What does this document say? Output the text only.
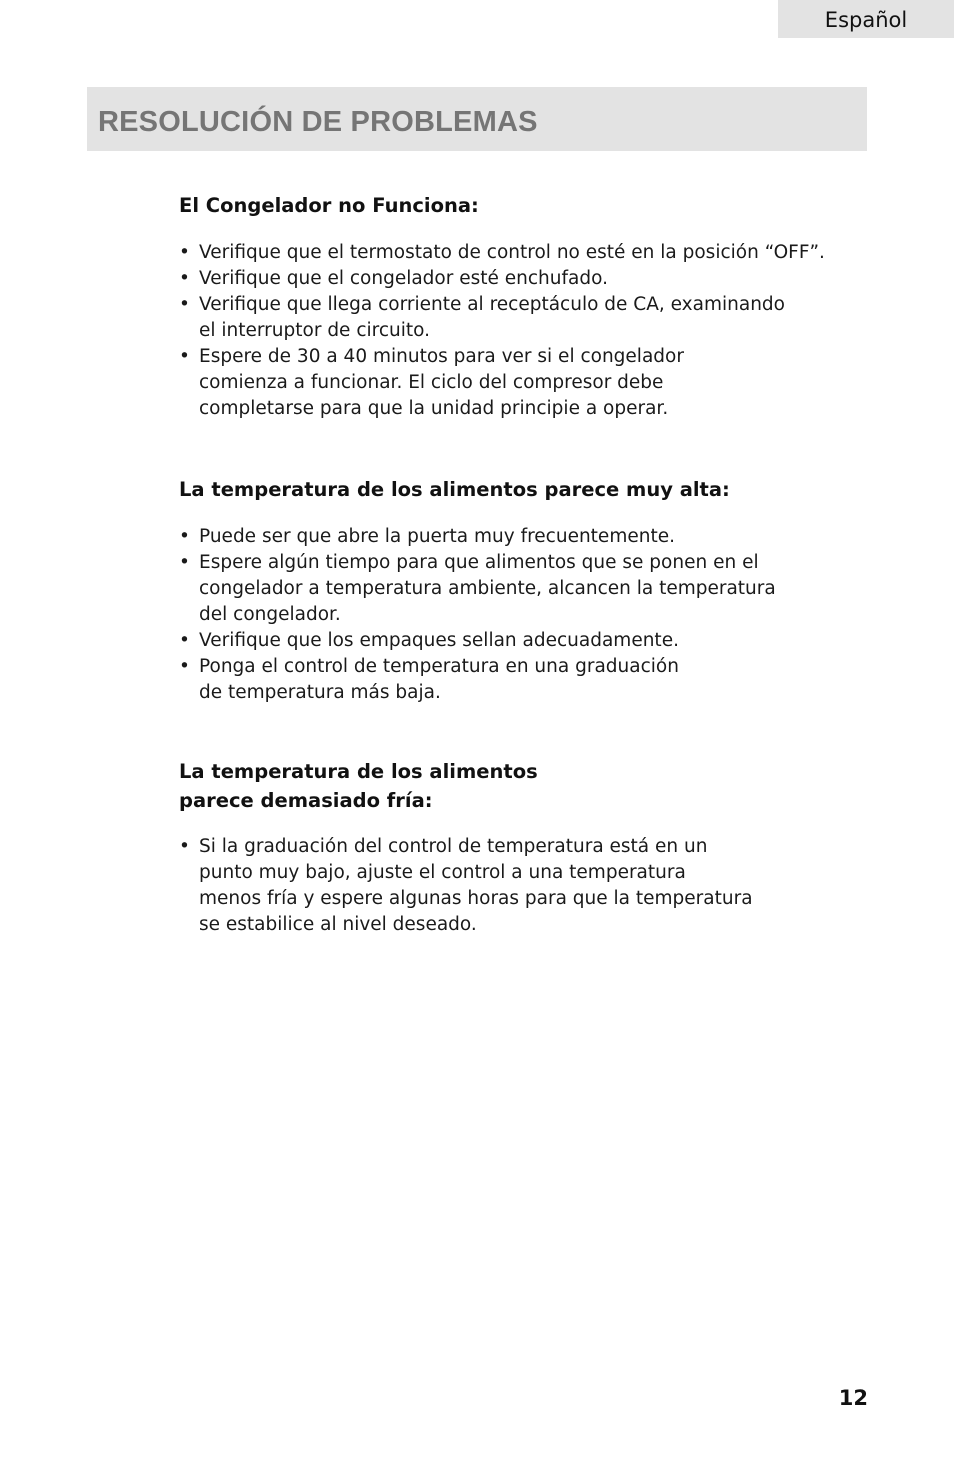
Español
RESOLUCIÓN DE PROBLEMAS
El Congelador no Funciona:
• Verifique que el termostato de control no esté en la posición “OFF”.
• Verifique que el congelador esté enchufado.
• Verifique que llega corriente al receptáculo de CA, examinando
el interruptor de circuito.
• Espere de 30 a 40 minutos para ver si el congelador
comienza a funcionar. El ciclo del compresor debe
completarse para que la unidad principie a operar.
La temperatura de los alimentos parece muy alta:
• Puede ser que abre la puerta muy frecuentemente.
• Espere algún tiempo para que alimentos que se ponen en el
congelador a temperatura ambiente, alcancen la temperatura
del congelador.
• Verifique que los empaques sellan adecuadamente.
• Ponga el control de temperatura en una graduación
de temperatura más baja.
La temperatura de los alimentos
parece demasiado fría:
• Si la graduación del control de temperatura está en un
punto muy bajo, ajuste el control a una temperatura
menos fría y espere algunas horas para que la temperatura
se estabilice al nivel deseado.
12
